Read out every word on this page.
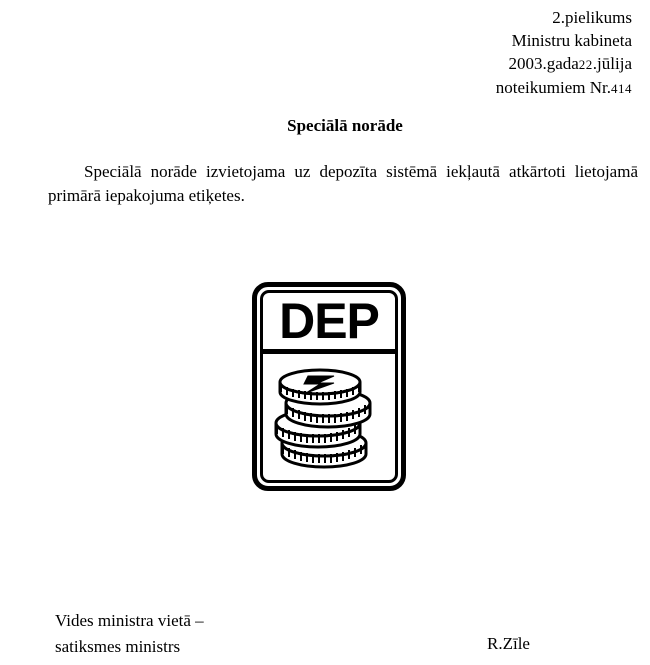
2.pielikums
Ministru kabineta
2003.gada22.jūlija
noteikumiem Nr.414
Speciālā norāde
Speciālā norāde izvietojama uz depozīta sistēmā iekļautā atkārtoti lietojamā primārā iepakojuma etiķetes.
DEP
Vides ministra vietā –
satiksmes ministrs	R.Zīle
